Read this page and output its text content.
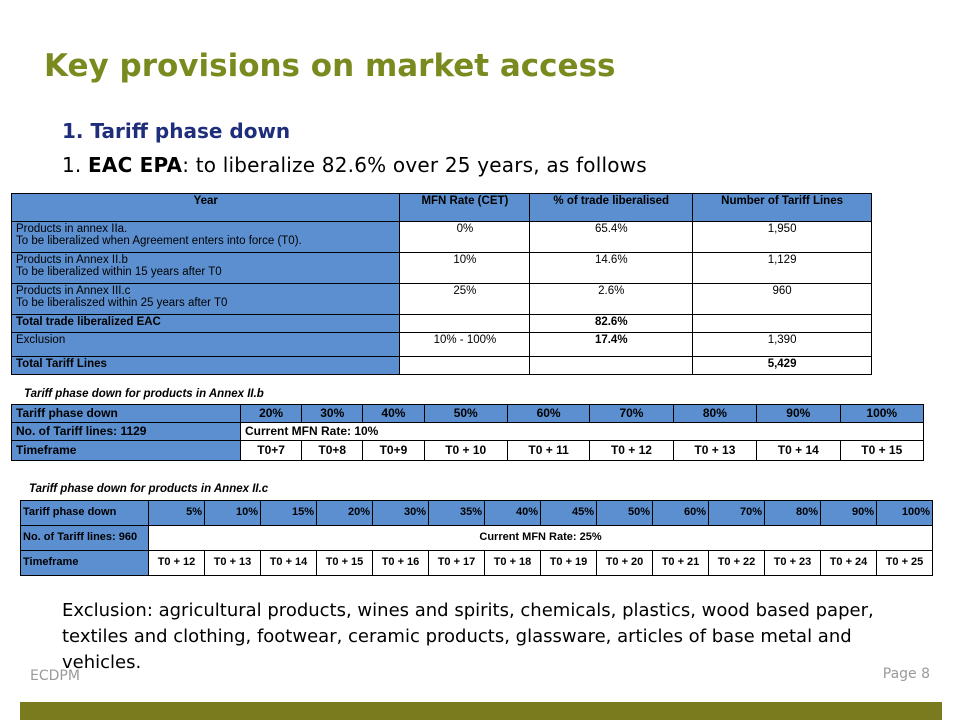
Key provisions on market access
1. Tariff phase down
1. EAC EPA: to liberalize 82.6% over 25 years, as follows
Year	MFN Rate (CET)	% of trade liberalised	Number of Tariff Lines
Products in annex IIa.
To be liberalized when Agreement enters into force (T0).	0%	65.4%	1,950
Products in Annex II.b
To be liberalized within 15 years after T0	10%	14.6%	1,129
Products in Annex III.c
To be liberaliszed within 25 years after T0	25%	2.6%	960
Total trade liberalized EAC		82.6%	
Exclusion	10% - 100%	17.4%	1,390
Total Tariff Lines			5,429
Tariff phase down for products in Annex II.b
Tariff phase down	20%	30%	40%	50%	60%	70%	80%	90%	100%
No. of Tariff lines: 1129	Current MFN Rate: 10%								
Timeframe	T0+7	T0+8	T0+9	T0 + 10	T0 + 11	T0 + 12	T0 + 13	T0 + 14	T0 + 15
Tariff phase down for products in Annex II.c
Tariff phase down	5%	10%	15%	20%	30%	35%	40%	45%	50%	60%	70%	80%	90%	100%
No. of Tariff lines: 960	Current MFN Rate: 25%													
Timeframe	T0 + 12	T0 + 13	T0 + 14	T0 + 15	T0 + 16	T0 + 17	T0 + 18	T0 + 19	T0 + 20	T0 + 21	T0 + 22	T0 + 23	T0 + 24	T0 + 25
Exclusion: agricultural products, wines and spirits, chemicals, plastics, wood based paper, textiles and clothing, footwear, ceramic products, glassware, articles of base metal and vehicles.
ECDPM	Page 8
